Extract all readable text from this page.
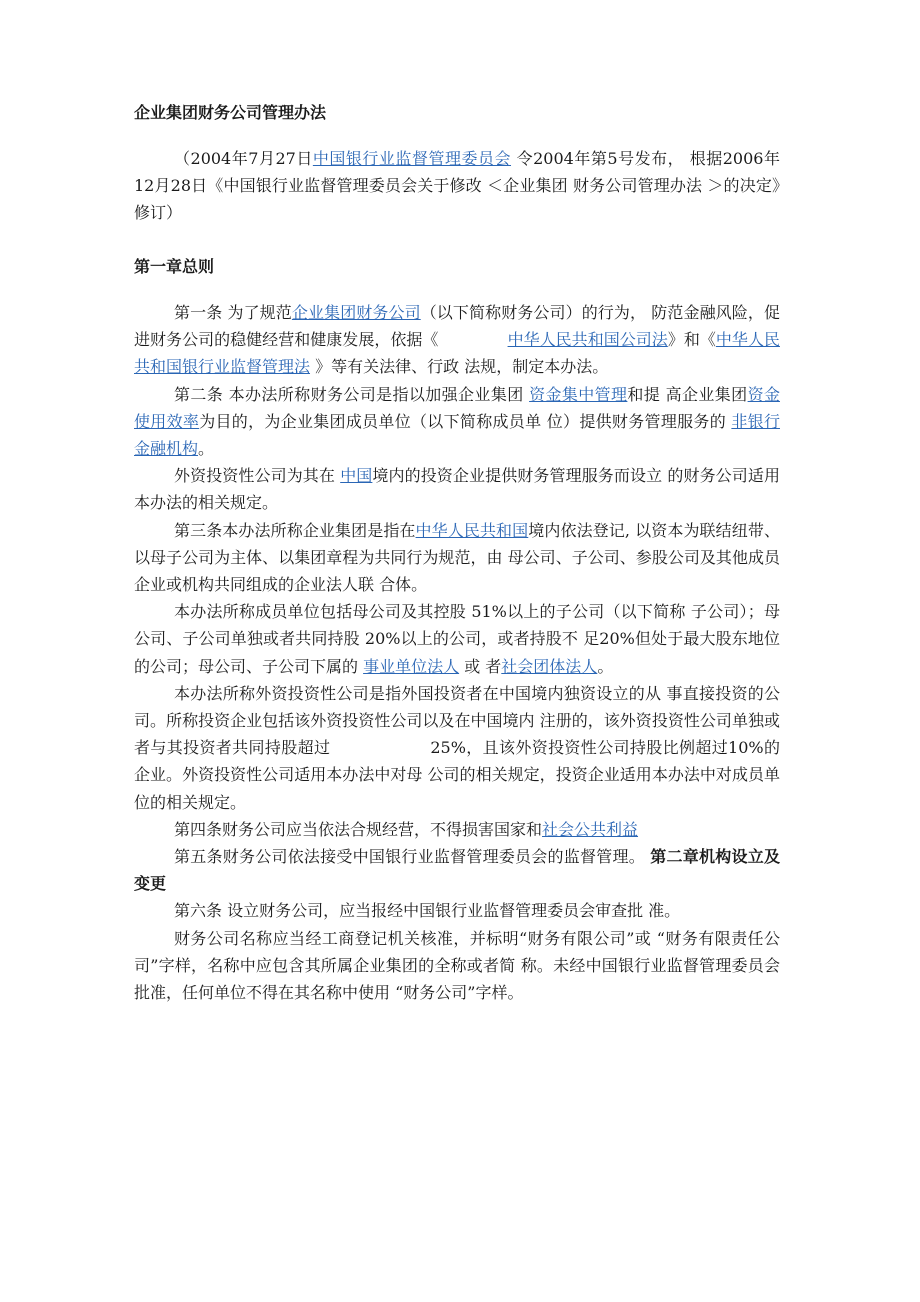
企业集团财务公司管理办法
（2004年7月27日中国银行业监督管理委员会 令2004年第5号发布， 根据2006年12月28日《中国银行业监督管理委员会关于修改 ＜企业集团 财务公司管理办法 ＞的决定》修订）
第一章总则

第一条 为了规范企业集团财务公司（以下简称财务公司）的行为， 防范金融风险，促进财务公司的稳健经营和健康发展，依据《	中华人民共和国公司法》和《中华人民共和国银行业监督管理法 》等有关法律、行政 法规，制定本办法。

第二条 本办法所称财务公司是指以加强企业集团 资金集中管理和提 高企业集团资金使用效率为目的，为企业集团成员单位（以下简称成员单 位）提供财务管理服务的 非银行金融机构。

外资投资性公司为其在 中国境内的投资企业提供财务管理服务而设立 的财务公司适用本办法的相关规定。

第三条本办法所称企业集团是指在中华人民共和国境内依法登记, 以资本为联结纽带、以母子公司为主体、以集团章程为共同行为规范，由 母公司、子公司、参股公司及其他成员企业或机构共同组成的企业法人联 合体。

本办法所称成员单位包括母公司及其控股 51%以上的子公司（以下简称 子公司）；母公司、子公司单独或者共同持股 20%以上的公司，或者持股不 足20%但处于最大股东地位的公司；母公司、子公司下属的 事业单位法人 或 者社会团体法人。

本办法所称外资投资性公司是指外国投资者在中国境内独资设立的从 事直接投资的公司。所称投资企业包括该外资投资性公司以及在中国境内 注册的，该外资投资性公司单独或者与其投资者共同持股超过	25%，且该外资投资性公司持股比例超过10%的企业。外资投资性公司适用本办法中对母 公司的相关规定，投资企业适用本办法中对成员单位的相关规定。

第四条财务公司应当依法合规经营，不得损害国家和社会公共利益

第五条财务公司依法接受中国银行业监督管理委员会的监督管理。 第二章机构设立及变更

第六条 设立财务公司，应当报经中国银行业监督管理委员会审查批 准。

财务公司名称应当经工商登记机关核准，并标明“财务有限公司”或 “财务有限责任公司”字样，名称中应包含其所属企业集团的全称或者简 称。未经中国银行业监督管理委员会批准，任何单位不得在其名称中使用 “财务公司”字样。
